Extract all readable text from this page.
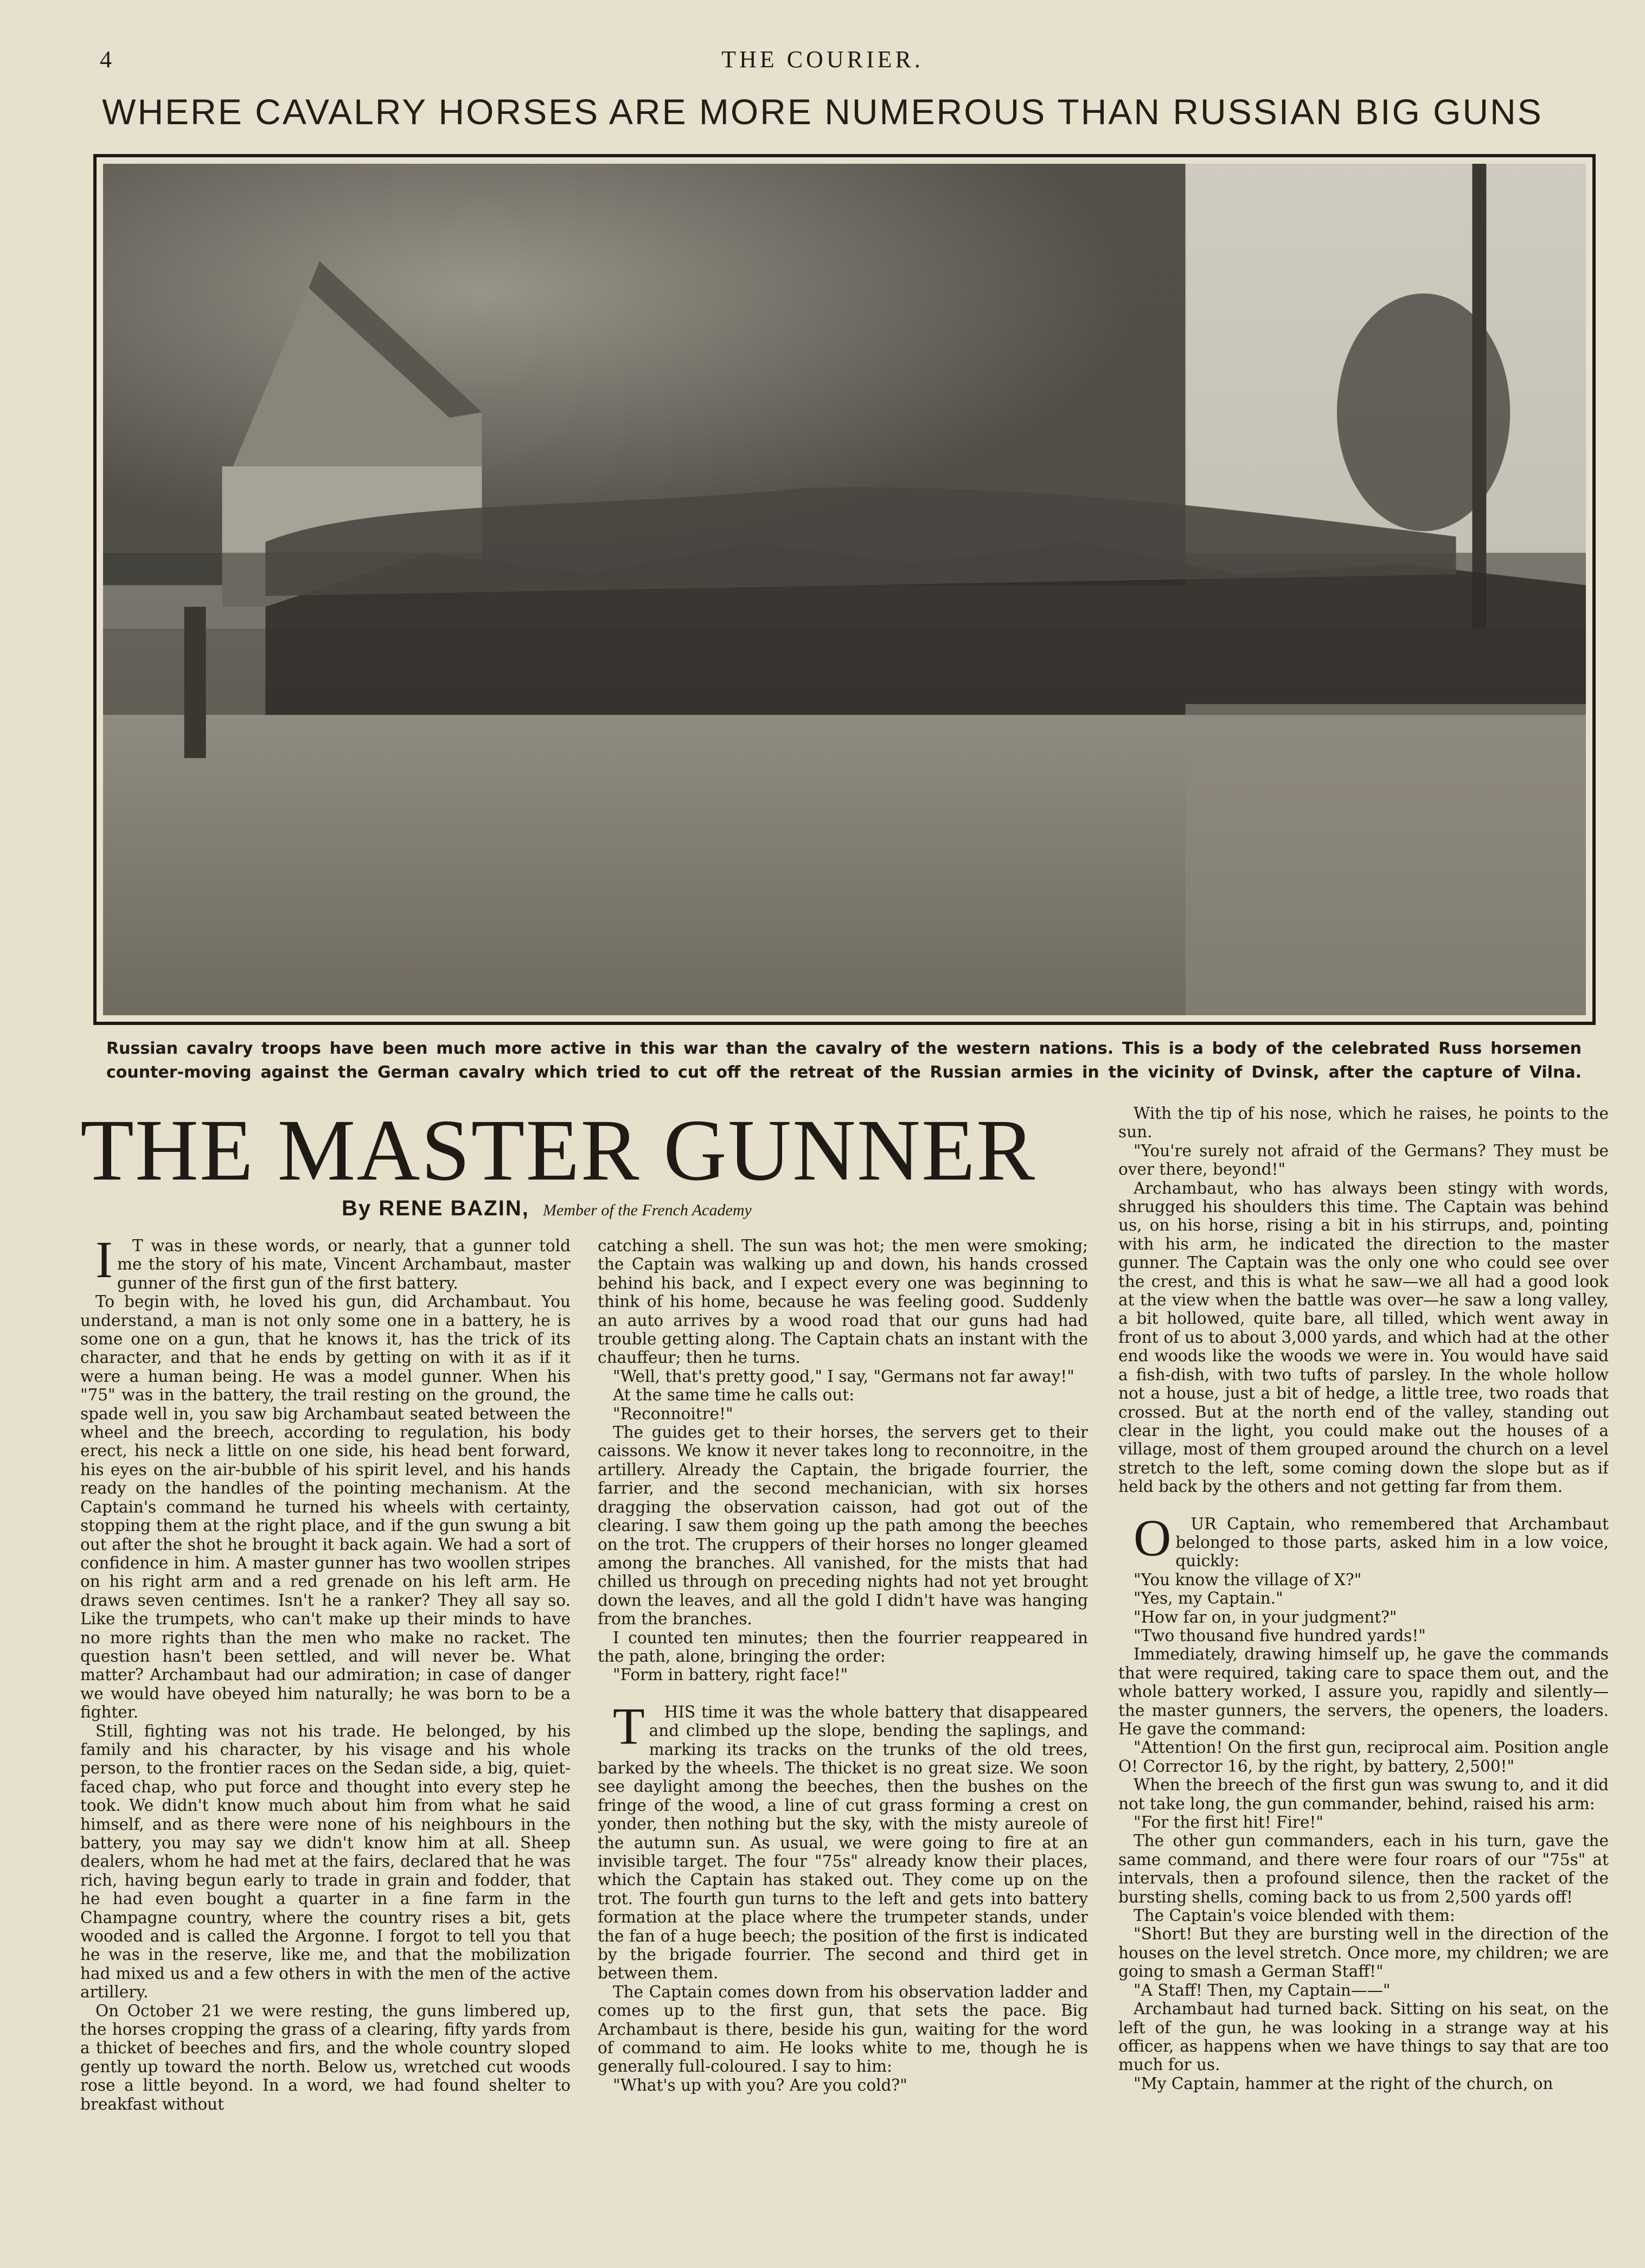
4	THE COURIER.
WHERE CAVALRY HORSES ARE MORE NUMEROUS THAN RUSSIAN BIG GUNS
Russian cavalry troops have been much more active in this war than the cavalry of the western nations. This is a body of the celebrated Russ horsemen
counter-moving against the German cavalry which tried to cut off the retreat of the Russian armies in the vicinity of Dvinsk, after the capture of Vilna.
THE MASTER GUNNER
By RENE BAZIN, Member of the French Academy

IT was in these words, or nearly, that a gunner told me the story of his mate, Vincent Archambaut, master gunner of the first gun of the first battery.

To begin with, he loved his gun, did Archambaut. You understand, a man is not only some one in a battery, he is some one on a gun, that he knows it, has the trick of its character, and that he ends by getting on with it as if it were a human being. He was a model gunner. When his "75" was in the battery, the trail resting on the ground, the spade well in, you saw big Archambaut seated between the wheel and the breech, according to regulation, his body erect, his neck a little on one side, his head bent forward, his eyes on the air-bubble of his spirit level, and his hands ready on the handles of the pointing mechanism. At the Captain's command he turned his wheels with certainty, stopping them at the right place, and if the gun swung a bit out after the shot he brought it back again. We had a sort of confidence in him. A master gunner has two woollen stripes on his right arm and a red grenade on his left arm. He draws seven centimes. Isn't he a ranker? They all say so. Like the trumpets, who can't make up their minds to have no more rights than the men who make no racket. The question hasn't been settled, and will never be. What matter? Archambaut had our admiration; in case of danger we would have obeyed him naturally; he was born to be a fighter.

Still, fighting was not his trade. He belonged, by his family and his character, by his visage and his whole person, to the frontier races on the Sedan side, a big, quiet-faced chap, who put force and thought into every step he took. We didn't know much about him from what he said himself, and as there were none of his neighbours in the battery, you may say we didn't know him at all. Sheep dealers, whom he had met at the fairs, declared that he was rich, having begun early to trade in grain and fodder, that he had even bought a quarter in a fine farm in the Champagne country, where the country rises a bit, gets wooded and is called the Argonne. I forgot to tell you that he was in the reserve, like me, and that the mobilization had mixed us and a few others in with the men of the active artillery.

On October 21 we were resting, the guns limbered up, the horses cropping the grass of a clearing, fifty yards from a thicket of beeches and firs, and the whole country sloped gently up toward the north. Below us, wretched cut woods rose a little beyond. In a word, we had found shelter to breakfast without

catching a shell. The sun was hot; the men were smoking; the Captain was walking up and down, his hands crossed behind his back, and I expect every one was beginning to think of his home, because he was feeling good. Suddenly an auto arrives by a wood road that our guns had had trouble getting along. The Captain chats an instant with the chauffeur; then he turns.

"Well, that's pretty good," I say, "Germans not far away!"

At the same time he calls out:

"Reconnoitre!"

The guides get to their horses, the servers get to their caissons. We know it never takes long to reconnoitre, in the artillery. Already the Captain, the brigade fourrier, the farrier, and the second mechanician, with six horses dragging the observation caisson, had got out of the clearing. I saw them going up the path among the beeches on the trot. The cruppers of their horses no longer gleamed among the branches. All vanished, for the mists that had chilled us through on preceding nights had not yet brought down the leaves, and all the gold I didn't have was hanging from the branches.

I counted ten minutes; then the fourrier reappeared in the path, alone, bringing the order:

"Form in battery, right face!"

THIS time it was the whole battery that disappeared and climbed up the slope, bending the saplings, and marking its tracks on the trunks of the old trees, barked by the wheels. The thicket is no great size. We soon see daylight among the beeches, then the bushes on the fringe of the wood, a line of cut grass forming a crest on yonder, then nothing but the sky, with the misty aureole of the autumn sun. As usual, we were going to fire at an invisible target. The four "75s" already know their places, which the Captain has staked out. They come up on the trot. The fourth gun turns to the left and gets into battery formation at the place where the trumpeter stands, under the fan of a huge beech; the position of the first is indicated by the brigade fourrier. The second and third get in between them.

The Captain comes down from his observation ladder and comes up to the first gun, that sets the pace. Big Archambaut is there, beside his gun, waiting for the word of command to aim. He looks white to me, though he is generally full-coloured. I say to him:

"What's up with you? Are you cold?"

With the tip of his nose, which he raises, he points to the sun.

"You're surely not afraid of the Germans? They must be over there, beyond!"

Archambaut, who has always been stingy with words, shrugged his shoulders this time. The Captain was behind us, on his horse, rising a bit in his stirrups, and, pointing with his arm, he indicated the direction to the master gunner. The Captain was the only one who could see over the crest, and this is what he saw—we all had a good look at the view when the battle was over—he saw a long valley, a bit hollowed, quite bare, all tilled, which went away in front of us to about 3,000 yards, and which had at the other end woods like the woods we were in. You would have said a fish-dish, with two tufts of parsley. In the whole hollow not a house, just a bit of hedge, a little tree, two roads that crossed. But at the north end of the valley, standing out clear in the light, you could make out the houses of a village, most of them grouped around the church on a level stretch to the left, some coming down the slope but as if held back by the others and not getting far from them.

OUR Captain, who remembered that Archambaut belonged to those parts, asked him in a low voice, quickly:

"You know the village of X?"

"Yes, my Captain."

"How far on, in your judgment?"

"Two thousand five hundred yards!"

Immediately, drawing himself up, he gave the commands that were required, taking care to space them out, and the whole battery worked, I assure you, rapidly and silently—the master gunners, the servers, the openers, the loaders. He gave the command:

"Attention! On the first gun, reciprocal aim. Position angle O! Corrector 16, by the right, by battery, 2,500!"

When the breech of the first gun was swung to, and it did not take long, the gun commander, behind, raised his arm:

"For the first hit! Fire!"

The other gun commanders, each in his turn, gave the same command, and there were four roars of our "75s" at intervals, then a profound silence, then the racket of the bursting shells, coming back to us from 2,500 yards off!

The Captain's voice blended with them:

"Short! But they are bursting well in the direction of the houses on the level stretch. Once more, my children; we are going to smash a German Staff!"

"A Staff! Then, my Captain——"

Archambaut had turned back. Sitting on his seat, on the left of the gun, he was looking in a strange way at his officer, as happens when we have things to say that are too much for us.

"My Captain, hammer at the right of the church, on
